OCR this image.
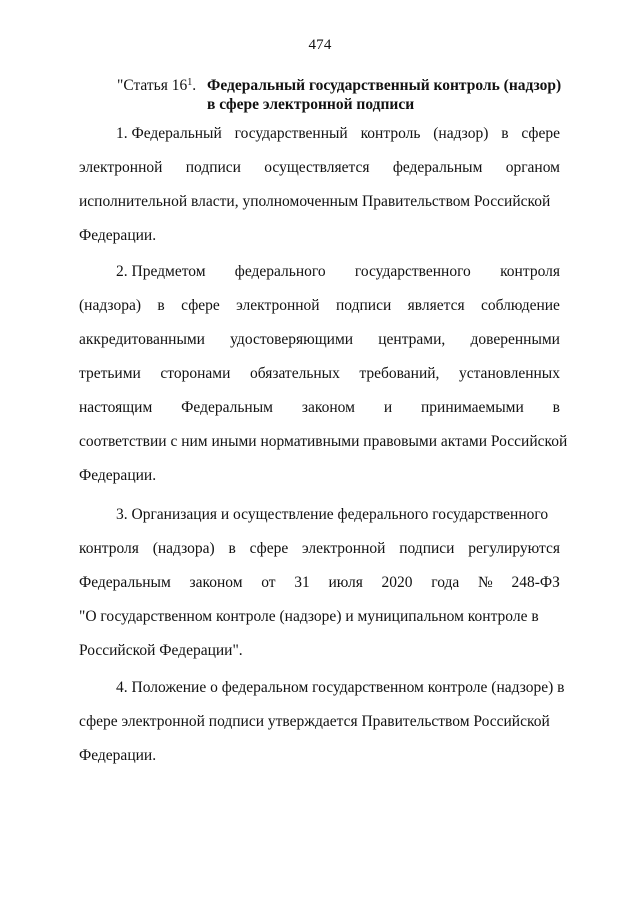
474
"Статья $16^1$. Федеральный государственный контроль (надзор)
в сфере электронной подписи
1. Федеральный государственный контроль (надзор) в сфере
электронной подписи осуществляется федеральным органом
исполнительной власти, уполномоченным Правительством Российской
Федерации.
2. Предметом федерального государственного контроля
(надзора) в сфере электронной подписи является соблюдение
аккредитованными удостоверяющими центрами, доверенными
третьими сторонами обязательных требований, установленных
настоящим Федеральным законом и принимаемыми в
соответствии с ним иными нормативными правовыми актами Российской
Федерации.
3. Организация и осуществление федерального государственного
контроля (надзора) в сфере электронной подписи регулируются
Федеральным законом от 31 июля 2020 года № 248-ФЗ
"О государственном контроле (надзоре) и муниципальном контроле в
Российской Федерации".
4. Положение о федеральном государственном контроле (надзоре) в
сфере электронной подписи утверждается Правительством Российской
Федерации.
